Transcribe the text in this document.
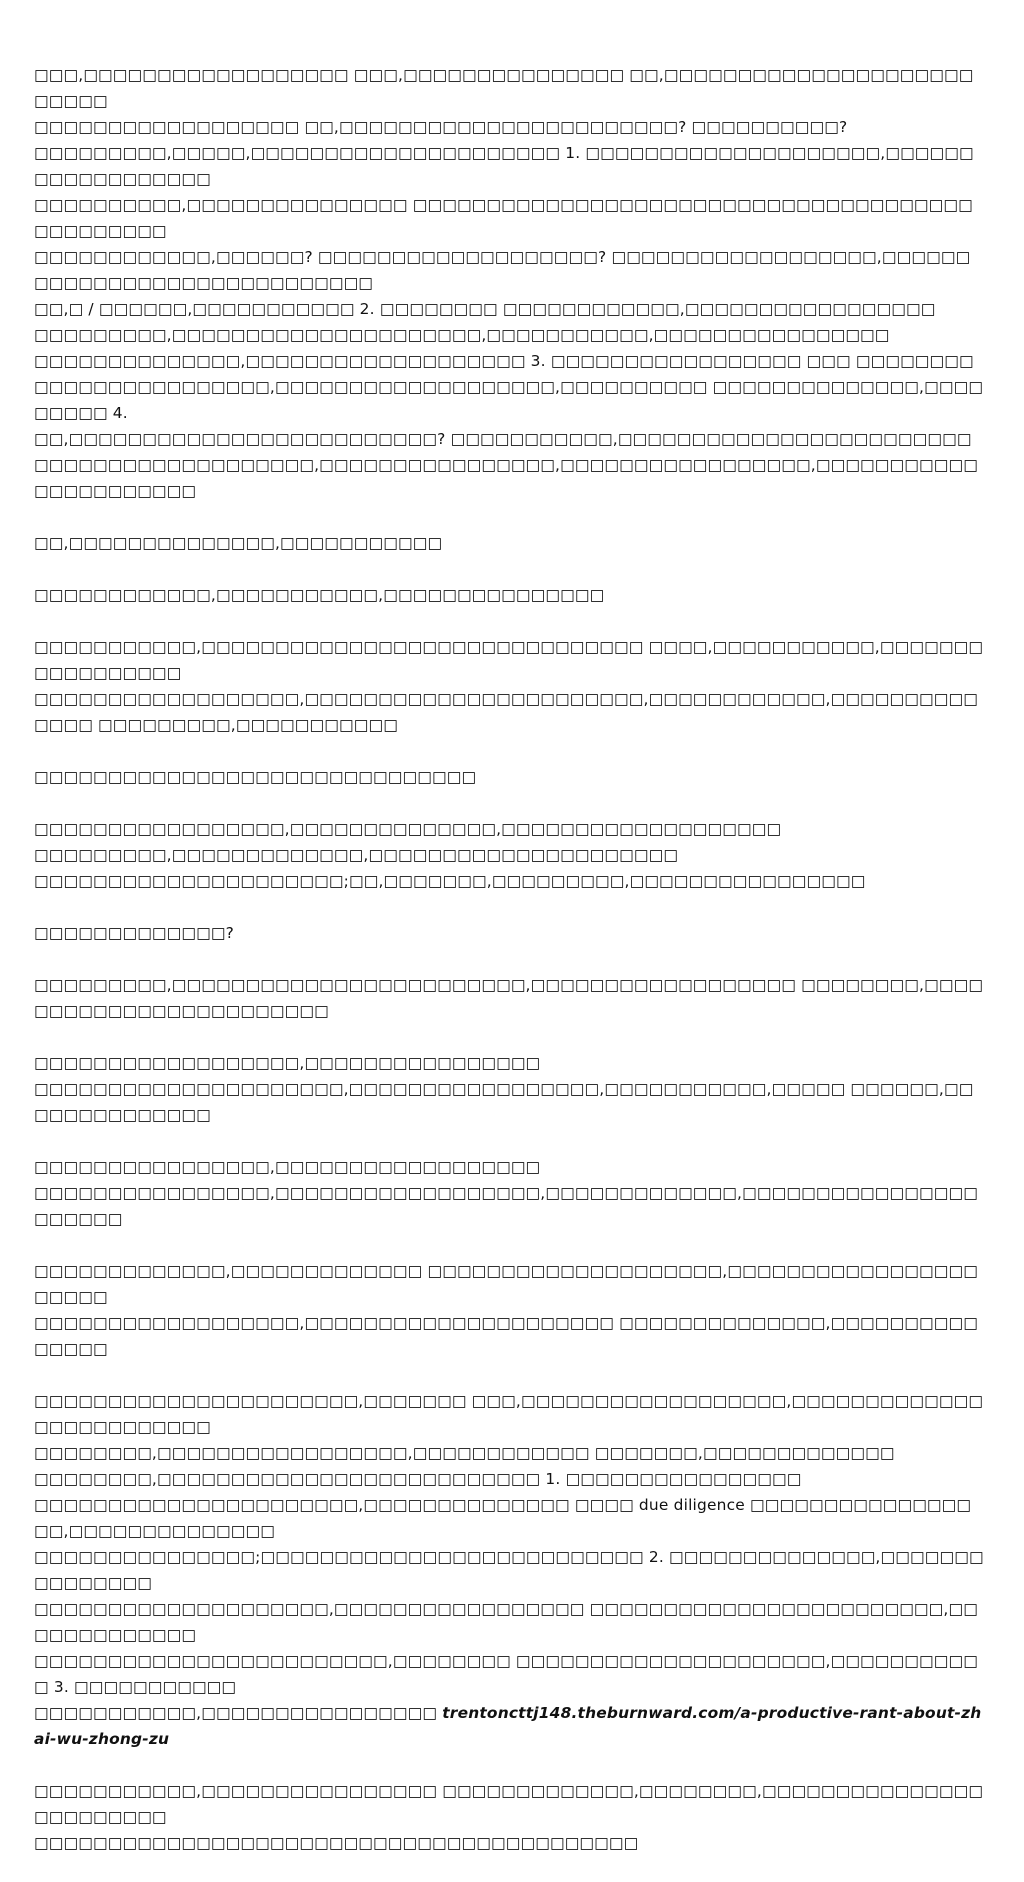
□□□,□□□□□□□□□□□□□□□□□□ □□□,□□□□□□□□□□□□□□□ □□,□□□□□□□□□□□□□□□□□□□□□□□□□□
□□□□□□□□□□□□□□□□□□ □□,□□□□□□□□□□□□□□□□□□□□□□□? □□□□□□□□□□?
□□□□□□□□□,□□□□□,□□□□□□□□□□□□□□□□□□□□□ 1. □□□□□□□□□□□□□□□□□□□□,□□□□□□□□□□□□□□□□□□
□□□□□□□□□□,□□□□□□□□□□□□□□□ □□□□□□□□□□□□□□□□□□□□□□□□□□□□□□□□□□□□□□□□□□□□□□□
□□□□□□□□□□□□,□□□□□□? □□□□□□□□□□□□□□□□□□□? □□□□□□□□□□□□□□□□□□,□□□□□□□□□□□□□□□□□□□□□□□□□□□□□
□□,□ / □□□□□□,□□□□□□□□□□□ 2. □□□□□□□□ □□□□□□□□□□□□,□□□□□□□□□□□□□□□□□
□□□□□□□□□,□□□□□□□□□□□□□□□□□□□□□,□□□□□□□□□□□,□□□□□□□□□□□□□□□□
□□□□□□□□□□□□□□,□□□□□□□□□□□□□□□□□□□ 3. □□□□□□□□□□□□□□□□□ □□□ □□□□□□□□
□□□□□□□□□□□□□□□□,□□□□□□□□□□□□□□□□□□□,□□□□□□□□□□ □□□□□□□□□□□□□□,□□□□□□□□□ 4.
□□,□□□□□□□□□□□□□□□□□□□□□□□□□? □□□□□□□□□□□,□□□□□□□□□□□□□□□□□□□□□□□□
□□□□□□□□□□□□□□□□□□□,□□□□□□□□□□□□□□□□,□□□□□□□□□□□□□□□□□,□□□□□□□□□□□□□□□□□□□□□□

□□,□□□□□□□□□□□□□□,□□□□□□□□□□□

□□□□□□□□□□□□,□□□□□□□□□□□,□□□□□□□□□□□□□□□

□□□□□□□□□□□,□□□□□□□□□□□□□□□□□□□□□□□□□□□□□□ □□□□,□□□□□□□□□□□,□□□□□□□□□□□□□□□□□
□□□□□□□□□□□□□□□□□□,□□□□□□□□□□□□□□□□□□□□□□□,□□□□□□□□□□□□,□□□□□□□□□□□□□□ □□□□□□□□□,□□□□□□□□□□□

□□□□□□□□□□□□□□□□□□□□□□□□□□□□□□

□□□□□□□□□□□□□□□□□,□□□□□□□□□□□□□□,□□□□□□□□□□□□□□□□□□□
□□□□□□□□□,□□□□□□□□□□□□□,□□□□□□□□□□□□□□□□□□□□□
□□□□□□□□□□□□□□□□□□□□□;□□,□□□□□□□,□□□□□□□□□,□□□□□□□□□□□□□□□□

□□□□□□□□□□□□□?

□□□□□□□□□,□□□□□□□□□□□□□□□□□□□□□□□□,□□□□□□□□□□□□□□□□□□ □□□□□□□□,□□□□□□□□□□□□□□□□□□□□□□□□

□□□□□□□□□□□□□□□□□□,□□□□□□□□□□□□□□□□
□□□□□□□□□□□□□□□□□□□□□,□□□□□□□□□□□□□□□□□,□□□□□□□□□□□,□□□□□ □□□□□□,□□□□□□□□□□□□□□

□□□□□□□□□□□□□□□□,□□□□□□□□□□□□□□□□□□
□□□□□□□□□□□□□□□□,□□□□□□□□□□□□□□□□□□,□□□□□□□□□□□□□,□□□□□□□□□□□□□□□□□□□□□□

□□□□□□□□□□□□□,□□□□□□□□□□□□□ □□□□□□□□□□□□□□□□□□□□,□□□□□□□□□□□□□□□□□□□□□□
□□□□□□□□□□□□□□□□□□,□□□□□□□□□□□□□□□□□□□□□ □□□□□□□□□□□□□□,□□□□□□□□□□□□□□□

□□□□□□□□□□□□□□□□□□□□□□,□□□□□□□ □□□,□□□□□□□□□□□□□□□□□□,□□□□□□□□□□□□□□□□□□□□□□□□□
□□□□□□□□,□□□□□□□□□□□□□□□□□,□□□□□□□□□□□□ □□□□□□□,□□□□□□□□□□□□□
□□□□□□□□,□□□□□□□□□□□□□□□□□□□□□□□□□□ 1. □□□□□□□□□□□□□□□□
□□□□□□□□□□□□□□□□□□□□□□,□□□□□□□□□□□□□□ □□□□ due diligence □□□□□□□□□□□□□□□□□,□□□□□□□□□□□□□□
□□□□□□□□□□□□□□□;□□□□□□□□□□□□□□□□□□□□□□□□□□ 2. □□□□□□□□□□□□□□,□□□□□□□□□□□□□□□
□□□□□□□□□□□□□□□□□□□□,□□□□□□□□□□□□□□□□□ □□□□□□□□□□□□□□□□□□□□□□□□,□□□□□□□□□□□□□
□□□□□□□□□□□□□□□□□□□□□□□□,□□□□□□□□ □□□□□□□□□□□□□□□□□□□□□,□□□□□□□□□□□ 3. □□□□□□□□□□□
□□□□□□□□□□□,□□□□□□□□□□□□□□□□ trentoncttj148.theburnward.com/a-productive-rant-about-zhai-wu-zhong-zu

□□□□□□□□□□□,□□□□□□□□□□□□□□□□ □□□□□□□□□□□□□,□□□□□□□□,□□□□□□□□□□□□□□□□□□□□□□□□
□□□□□□□□□□□□□□□□□□□□□□□□□□□□□□□□□□□□□□□□□
